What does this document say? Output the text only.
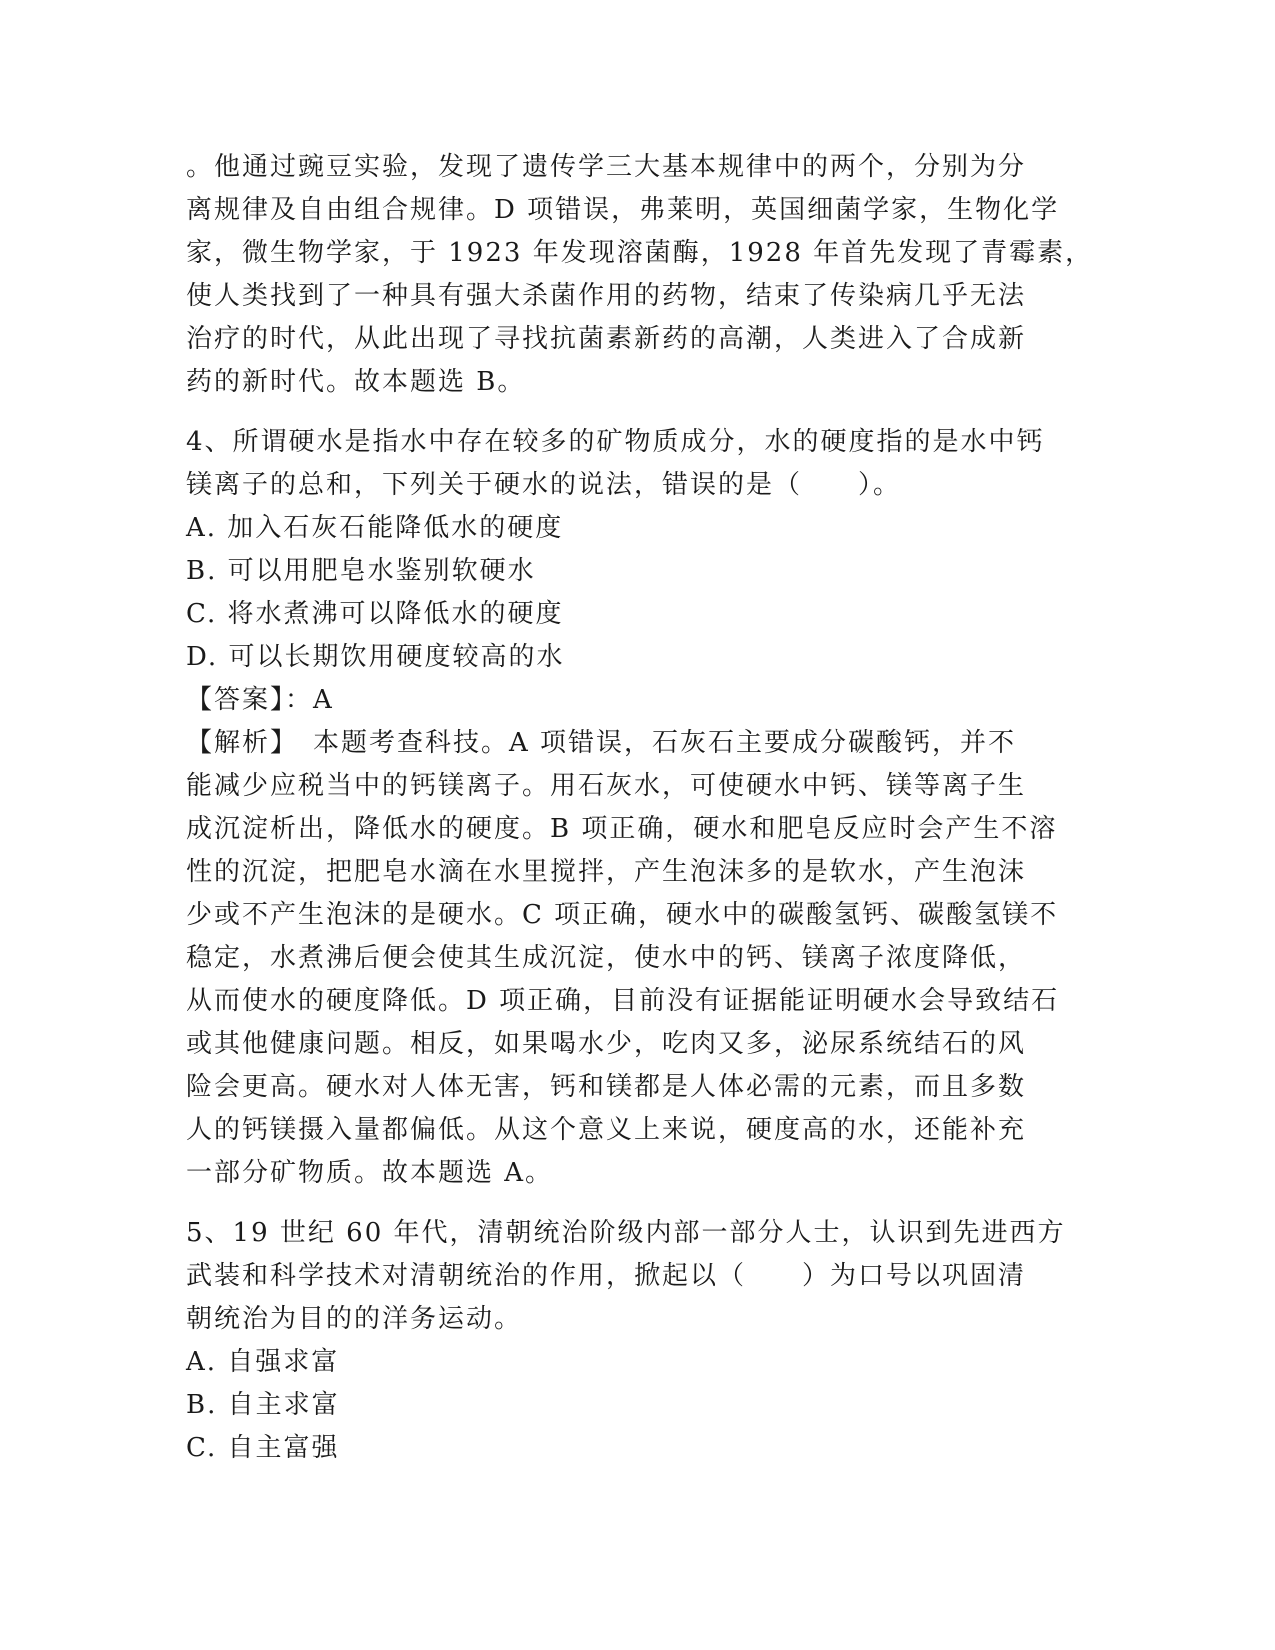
。他通过豌豆实验，发现了遗传学三大基本规律中的两个，分别为分
离规律及自由组合规律。D 项错误，弗莱明，英国细菌学家，生物化学
家，微生物学家，于 1923 年发现溶菌酶，1928 年首先发现了青霉素，
使人类找到了一种具有强大杀菌作用的药物，结束了传染病几乎无法
治疗的时代，从此出现了寻找抗菌素新药的高潮，人类进入了合成新
药的新时代。故本题选 B。
4、所谓硬水是指水中存在较多的矿物质成分，水的硬度指的是水中钙
镁离子的总和，下列关于硬水的说法，错误的是（　　）。
A. 加入石灰石能降低水的硬度
B. 可以用肥皂水鉴别软硬水
C. 将水煮沸可以降低水的硬度
D. 可以长期饮用硬度较高的水
【答案】：A
【解析】　本题考查科技。A 项错误，石灰石主要成分碳酸钙，并不
能减少应税当中的钙镁离子。用石灰水，可使硬水中钙、镁等离子生
成沉淀析出，降低水的硬度。B 项正确，硬水和肥皂反应时会产生不溶
性的沉淀，把肥皂水滴在水里搅拌，产生泡沫多的是软水，产生泡沫
少或不产生泡沫的是硬水。C 项正确，硬水中的碳酸氢钙、碳酸氢镁不
稳定，水煮沸后便会使其生成沉淀，使水中的钙、镁离子浓度降低，
从而使水的硬度降低。D 项正确，目前没有证据能证明硬水会导致结石
或其他健康问题。相反，如果喝水少，吃肉又多，泌尿系统结石的风
险会更高。硬水对人体无害，钙和镁都是人体必需的元素，而且多数
人的钙镁摄入量都偏低。从这个意义上来说，硬度高的水，还能补充
一部分矿物质。故本题选 A。
5、19 世纪 60 年代，清朝统治阶级内部一部分人士，认识到先进西方
武装和科学技术对清朝统治的作用，掀起以（　　）为口号以巩固清
朝统治为目的的洋务运动。
A. 自强求富
B. 自主求富
C. 自主富强
